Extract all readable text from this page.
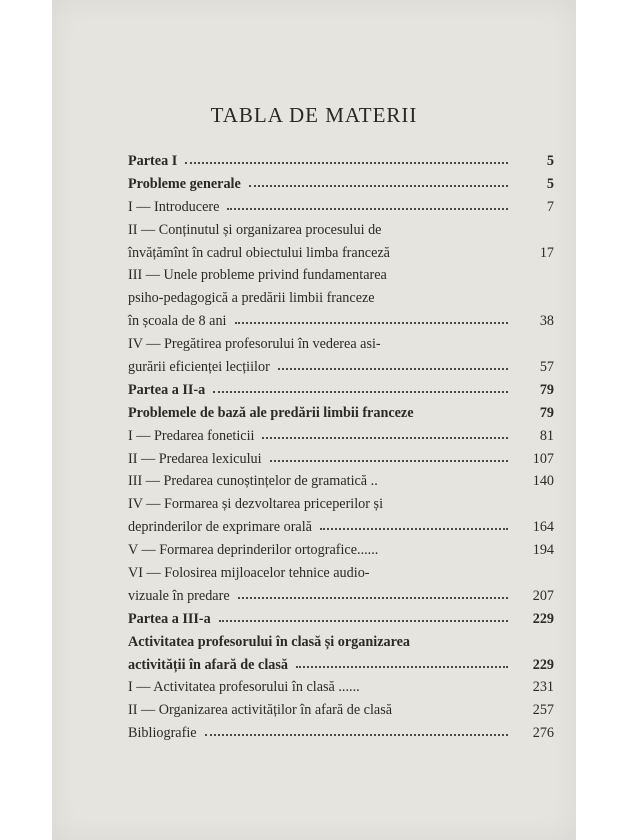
TABLA DE MATERII
Partea I	5
Probleme generale	5
I — Introducere	7
II — Conținutul și organizarea procesului de
învățămînt în cadrul obiectului limba franceză	17
III — Unele probleme privind fundamentarea
psiho-pedagogică a predării limbii franceze
în școala de 8 ani	38
IV — Pregătirea profesorului în vederea asi-
gurării eficienței lecțiilor	57
Partea a II-a	79
Problemele de bază ale predării limbii franceze	79
I — Predarea foneticii	81
II — Predarea lexicului	107
III — Predarea cunoștințelor de gramatică ..	140
IV — Formarea și dezvoltarea priceperilor și
deprinderilor de exprimare orală	164
V — Formarea deprinderilor ortografice......	194
VI — Folosirea mijloacelor tehnice audio-
vizuale în predare	207
Partea a III-a	229
Activitatea profesorului în clasă și organizarea
activității în afară de clasă	229
I — Activitatea profesorului în clasă ......	231
II — Organizarea activităților în afară de clasă	257
Bibliografie	276
